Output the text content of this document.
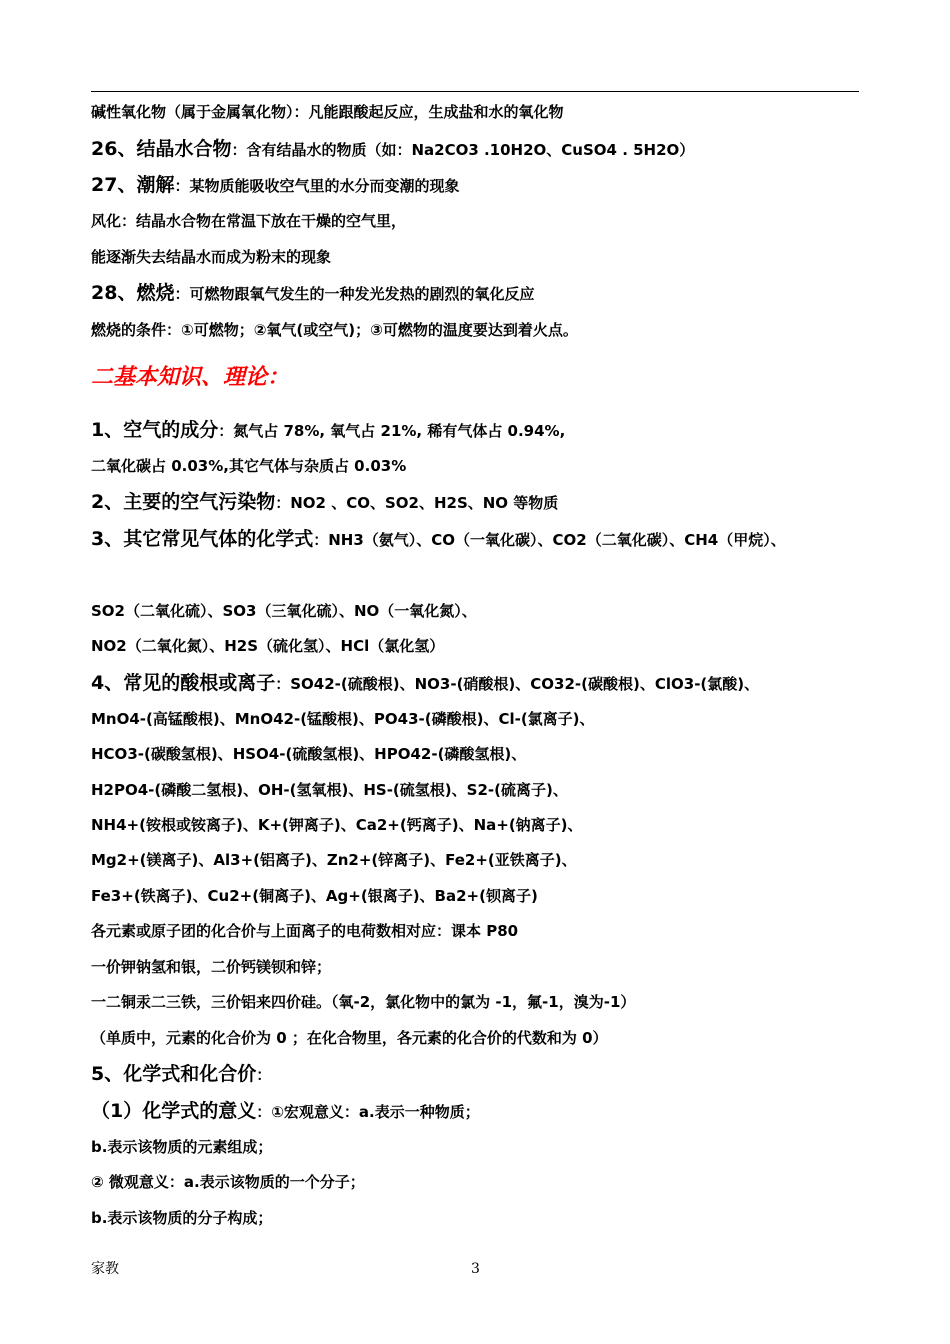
碱性氧化物（属于金属氧化物）：凡能跟酸起反应，生成盐和水的氧化物
26、结晶水合物：含有结晶水的物质（如：Na2CO3 .10H2O、CuSO4 . 5H2O）
27、潮解：某物质能吸收空气里的水分而变潮的现象
风化：结晶水合物在常温下放在干燥的空气里，
能逐渐失去结晶水而成为粉末的现象
28、燃烧：可燃物跟氧气发生的一种发光发热的剧烈的氧化反应
燃烧的条件：①可燃物；②氧气(或空气)；③可燃物的温度要达到着火点。
1、空气的成分：氮气占 78%, 氧气占 21%, 稀有气体占 0.94%,
二氧化碳占 0.03%,其它气体与杂质占 0.03%
2、主要的空气污染物：NO2 、CO、SO2、H2S、NO 等物质
3、其它常见气体的化学式：NH3（氨气）、CO（一氧化碳）、CO2（二氧化碳）、CH4（甲烷）、
SO2（二氧化硫）、SO3（三氧化硫）、NO（一氧化氮）、
NO2（二氧化氮）、H2S（硫化氢）、HCl（氯化氢）
4、常见的酸根或离子：SO42-(硫酸根)、NO3-(硝酸根)、CO32-(碳酸根)、ClO3-(氯酸)、
MnO4-(高锰酸根)、MnO42-(锰酸根)、PO43-(磷酸根)、Cl-(氯离子)、
HCO3-(碳酸氢根)、HSO4-(硫酸氢根)、HPO42-(磷酸氢根)、
H2PO4-(磷酸二氢根)、OH-(氢氧根)、HS-(硫氢根)、S2-(硫离子)、
NH4+(铵根或铵离子)、K+(钾离子)、Ca2+(钙离子)、Na+(钠离子)、
Mg2+(镁离子)、Al3+(铝离子)、Zn2+(锌离子)、Fe2+(亚铁离子)、
Fe3+(铁离子)、Cu2+(铜离子)、Ag+(银离子)、Ba2+(钡离子)
各元素或原子团的化合价与上面离子的电荷数相对应：课本 P80
一价钾钠氢和银，二价钙镁钡和锌；
一二铜汞二三铁，三价铝来四价硅。（氧-2，氯化物中的氯为 -1，氟-1，溴为-1）
（单质中，元素的化合价为 0 ；在化合物里，各元素的化合价的代数和为 0）
5、化学式和化合价：
（1）化学式的意义：①宏观意义：a.表示一种物质；
b.表示该物质的元素组成；
② 微观意义：a.表示该物质的一个分子；
b.表示该物质的分子构成；
二基本知识、理论：
家教	3
